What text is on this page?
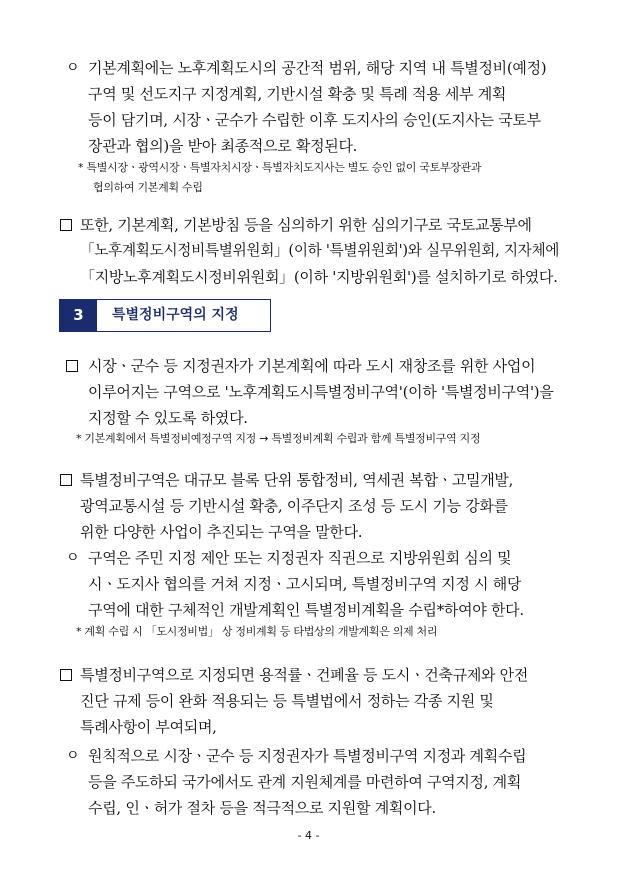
ㅇ 기본계획에는 노후계획도시의 공간적 범위, 해당 지역 내 특별정비(예정)
구역 및 선도지구 지정계획, 기반시설 확충 및 특례 적용 세부 계획
등이 담기며, 시장ㆍ군수가 수립한 이후 도지사의 승인(도지사는 국토부
장관과 협의)을 받아 최종적으로 확정된다.
* 특별시장ㆍ광역시장ㆍ특별자치시장ㆍ특별자치도지사는 별도 승인 없이 국토부장관과
협의하여 기본계획 수립
또한, 기본계획, 기본방침 등을 심의하기 위한 심의기구로 국토교통부에
「노후계획도시정비특별위원회」(이하 '특별위원회')와 실무위원회, 지자체에
「지방노후계획도시정비위원회」(이하 '지방위원회')를 설치하기로 하였다.
3	특별정비구역의 지정
시장ㆍ군수 등 지정권자가 기본계획에 따라 도시 재창조를 위한 사업이
이루어지는 구역으로 '노후계획도시특별정비구역'(이하 '특별정비구역')을
지정할 수 있도록 하였다.
* 기본계획에서 특별정비예정구역 지정 → 특별정비계획 수립과 함께 특별정비구역 지정
특별정비구역은 대규모 블록 단위 통합정비, 역세권 복합ㆍ고밀개발,
광역교통시설 등 기반시설 확충, 이주단지 조성 등 도시 기능 강화를
위한 다양한 사업이 추진되는 구역을 말한다.
ㅇ 구역은 주민 지정 제안 또는 지정권자 직권으로 지방위원회 심의 및
시ㆍ도지사 협의를 거쳐 지정ㆍ고시되며, 특별정비구역 지정 시 해당
구역에 대한 구체적인 개발계획인 특별정비계획을 수립*하여야 한다.
* 계획 수립 시 「도시정비법」 상 정비계획 등 타법상의 개발계획은 의제 처리
특별정비구역으로 지정되면 용적률ㆍ건폐율 등 도시ㆍ건축규제와 안전
진단 규제 등이 완화 적용되는 등 특별법에서 정하는 각종 지원 및
특례사항이 부여되며,
ㅇ 원칙적으로 시장ㆍ군수 등 지정권자가 특별정비구역 지정과 계획수립
등을 주도하되 국가에서도 관계 지원체계를 마련하여 구역지정, 계획
수립, 인ㆍ허가 절차 등을 적극적으로 지원할 계획이다.
- 4 -
